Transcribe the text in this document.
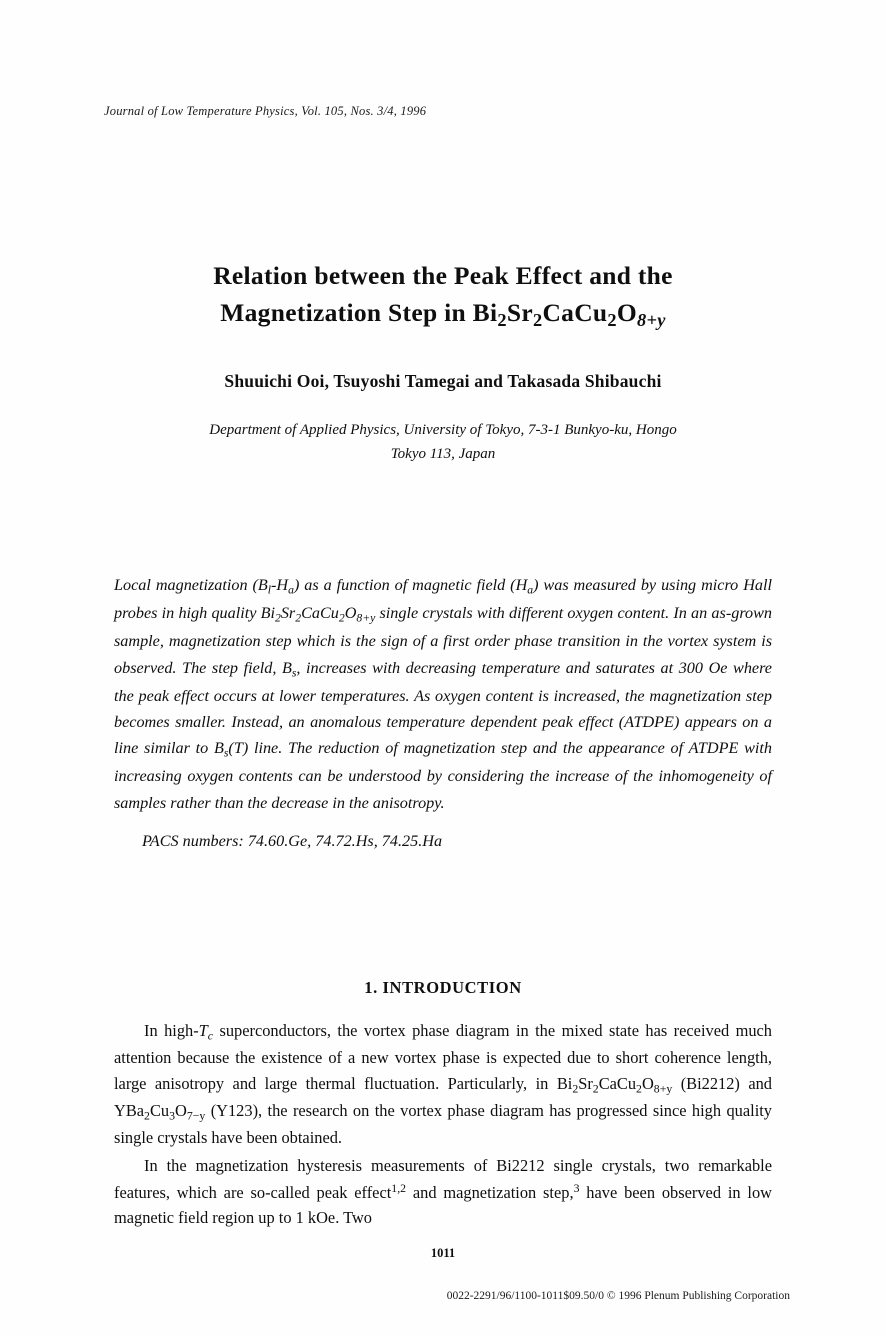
Journal of Low Temperature Physics, Vol. 105, Nos. 3/4, 1996
Relation between the Peak Effect and the
Magnetization Step in $Bi_2Sr_2CaCu_2O_{8+y}$
Shuuichi Ooi, Tsuyoshi Tamegai and Takasada Shibauchi
Department of Applied Physics, University of Tokyo, 7-3-1 Bunkyo-ku, Hongo
Tokyo 113, Japan

Local magnetization $(B_l-H_a)$ as a function of magnetic field $(H_a)$ was measured by using micro Hall probes in high quality $Bi_2Sr_2CaCu_2O_{8+y}$ single crystals with different oxygen content. In an as-grown sample, magnetization step which is the sign of a first order phase transition in the vortex system is observed. The step field, $B_s$, increases with decreasing temperature and saturates at 300 Oe where the peak effect occurs at lower temperatures. As oxygen content is increased, the magnetization step becomes smaller. Instead, an anomalous temperature dependent peak effect (ATDPE) appears on a line similar to $B_s(T)$ line. The reduction of magnetization step and the appearance of ATDPE with increasing oxygen contents can be understood by considering the increase of the inhomogeneity of samples rather than the decrease in the anisotropy.

PACS numbers: 74.60.Ge, 74.72.Hs, 74.25.Ha

1. INTRODUCTION

In high-$T_c$ superconductors, the vortex phase diagram in the mixed state has received much attention because the existence of a new vortex phase is expected due to short coherence length, large anisotropy and large thermal fluctuation. Particularly, in $Bi_2Sr_2CaCu_2O_{8+y}$ (Bi2212) and $YBa_2Cu_3O_{7-y}$ (Y123), the research on the vortex phase diagram has progressed since high quality single crystals have been obtained.

In the magnetization hysteresis measurements of Bi2212 single crystals, two remarkable features, which are so-called peak effect$^{1,2}$ and magnetization step,$^3$ have been observed in low magnetic field region up to 1 kOe. Two

1011
0022-2291/96/1100-1011$09.50/0 © 1996 Plenum Publishing Corporation
